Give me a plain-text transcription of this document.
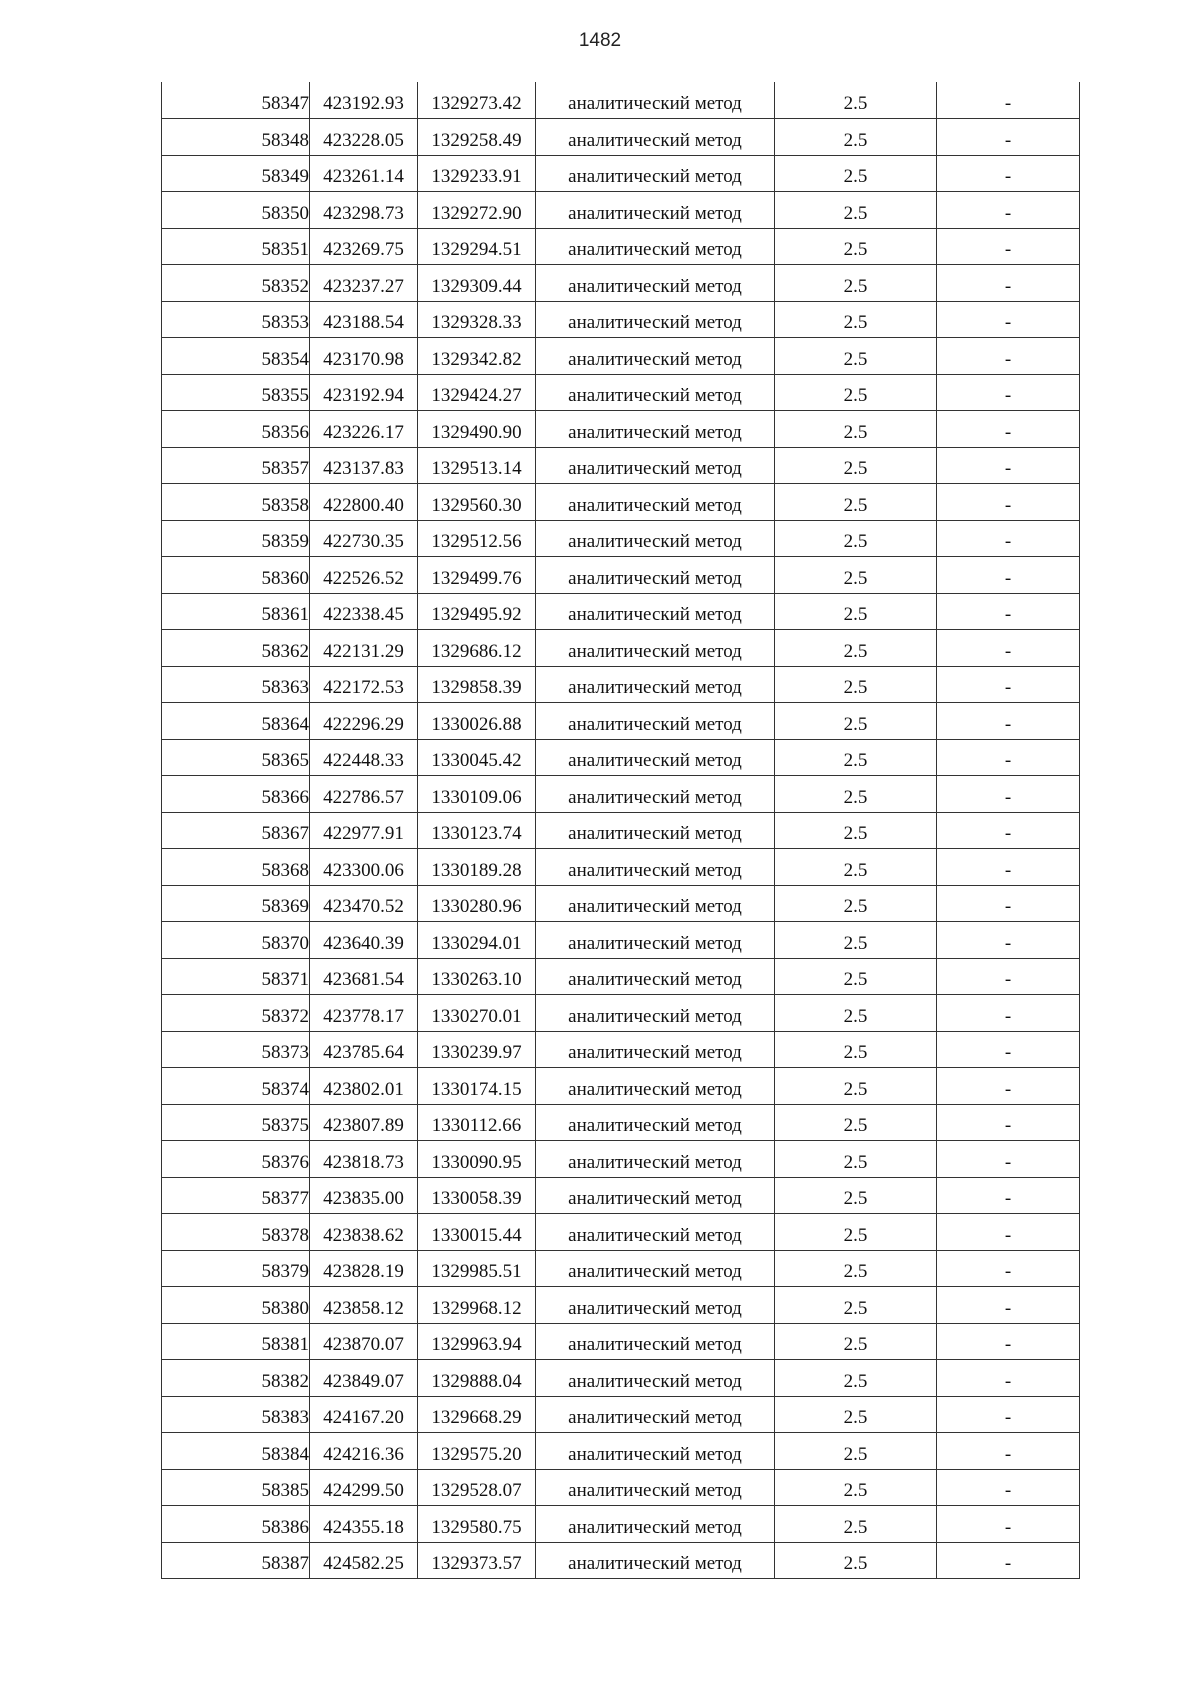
1482
58347	423192.93	1329273.42	аналитический метод	2.5	-
58348	423228.05	1329258.49	аналитический метод	2.5	-
58349	423261.14	1329233.91	аналитический метод	2.5	-
58350	423298.73	1329272.90	аналитический метод	2.5	-
58351	423269.75	1329294.51	аналитический метод	2.5	-
58352	423237.27	1329309.44	аналитический метод	2.5	-
58353	423188.54	1329328.33	аналитический метод	2.5	-
58354	423170.98	1329342.82	аналитический метод	2.5	-
58355	423192.94	1329424.27	аналитический метод	2.5	-
58356	423226.17	1329490.90	аналитический метод	2.5	-
58357	423137.83	1329513.14	аналитический метод	2.5	-
58358	422800.40	1329560.30	аналитический метод	2.5	-
58359	422730.35	1329512.56	аналитический метод	2.5	-
58360	422526.52	1329499.76	аналитический метод	2.5	-
58361	422338.45	1329495.92	аналитический метод	2.5	-
58362	422131.29	1329686.12	аналитический метод	2.5	-
58363	422172.53	1329858.39	аналитический метод	2.5	-
58364	422296.29	1330026.88	аналитический метод	2.5	-
58365	422448.33	1330045.42	аналитический метод	2.5	-
58366	422786.57	1330109.06	аналитический метод	2.5	-
58367	422977.91	1330123.74	аналитический метод	2.5	-
58368	423300.06	1330189.28	аналитический метод	2.5	-
58369	423470.52	1330280.96	аналитический метод	2.5	-
58370	423640.39	1330294.01	аналитический метод	2.5	-
58371	423681.54	1330263.10	аналитический метод	2.5	-
58372	423778.17	1330270.01	аналитический метод	2.5	-
58373	423785.64	1330239.97	аналитический метод	2.5	-
58374	423802.01	1330174.15	аналитический метод	2.5	-
58375	423807.89	1330112.66	аналитический метод	2.5	-
58376	423818.73	1330090.95	аналитический метод	2.5	-
58377	423835.00	1330058.39	аналитический метод	2.5	-
58378	423838.62	1330015.44	аналитический метод	2.5	-
58379	423828.19	1329985.51	аналитический метод	2.5	-
58380	423858.12	1329968.12	аналитический метод	2.5	-
58381	423870.07	1329963.94	аналитический метод	2.5	-
58382	423849.07	1329888.04	аналитический метод	2.5	-
58383	424167.20	1329668.29	аналитический метод	2.5	-
58384	424216.36	1329575.20	аналитический метод	2.5	-
58385	424299.50	1329528.07	аналитический метод	2.5	-
58386	424355.18	1329580.75	аналитический метод	2.5	-
58387	424582.25	1329373.57	аналитический метод	2.5	-
